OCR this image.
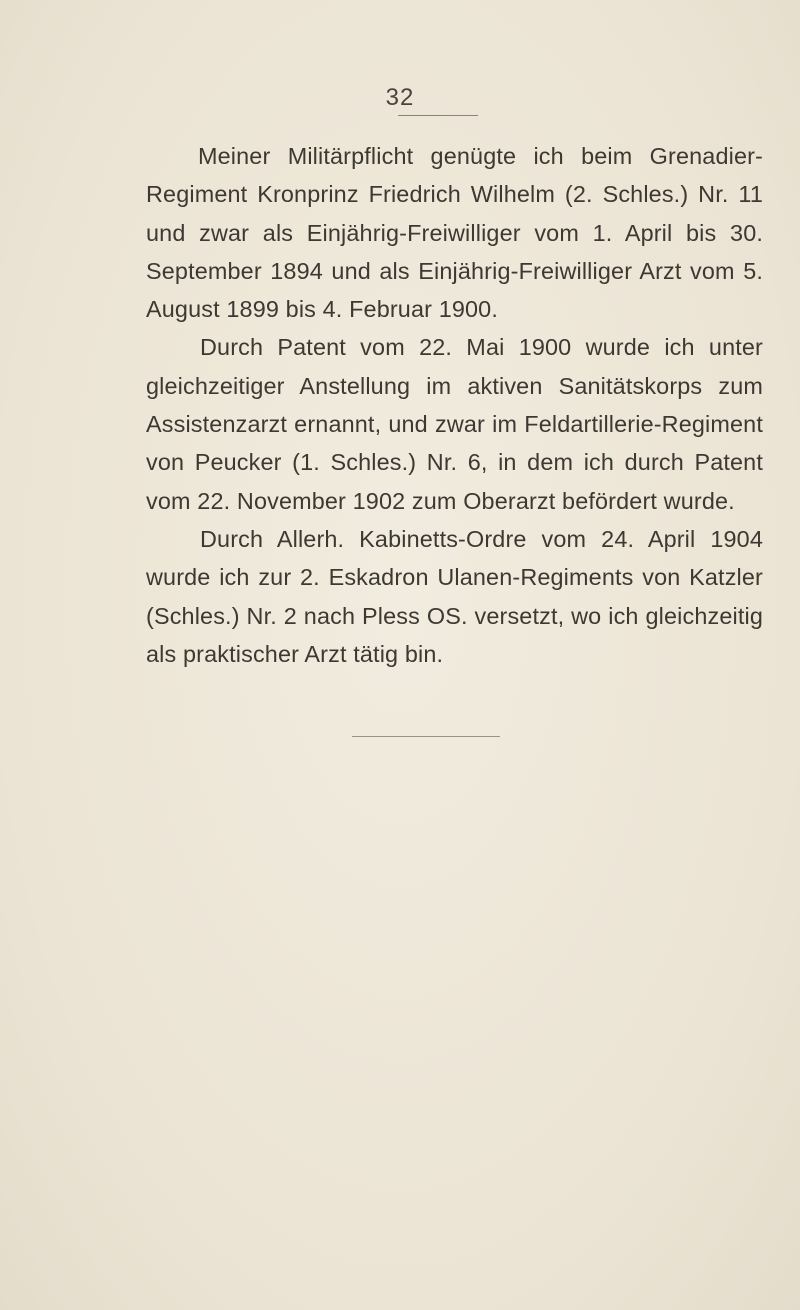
32

Meiner Militärpflicht genügte ich beim Grenadier-Regiment Kronprinz Friedrich Wilhelm (2. Schles.) Nr. 11 und zwar als Einjährig-Freiwilliger vom 1. April bis 30. September 1894 und als Einjährig-Freiwilliger Arzt vom 5. August 1899 bis 4. Februar 1900.

Durch Patent vom 22. Mai 1900 wurde ich unter gleichzeitiger Anstellung im aktiven Sanitätskorps zum Assistenzarzt ernannt, und zwar im Feldartillerie-Regiment von Peucker (1. Schles.) Nr. 6, in dem ich durch Patent vom 22. November 1902 zum Oberarzt befördert wurde.

Durch Allerh. Kabinetts-Ordre vom 24. April 1904 wurde ich zur 2. Eskadron Ulanen-Regiments von Katzler (Schles.) Nr. 2 nach Pless OS. versetzt, wo ich gleichzeitig als praktischer Arzt tätig bin.
